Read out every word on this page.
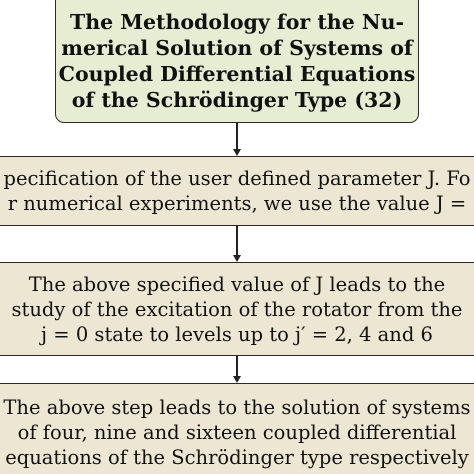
The Methodology for the Nu-
merical Solution of Systems of
Coupled Differential Equations
of the Schrödinger Type (32)
pecification of the user defined parameter J. Fo
r numerical experiments, we use the value J =
The above specified value of J leads to the
study of the excitation of the rotator from the
j = 0 state to levels up to j′ = 2, 4 and 6
The above step leads to the solution of systems
of four, nine and sixteen coupled differential
equations of the Schrödinger type respectively
